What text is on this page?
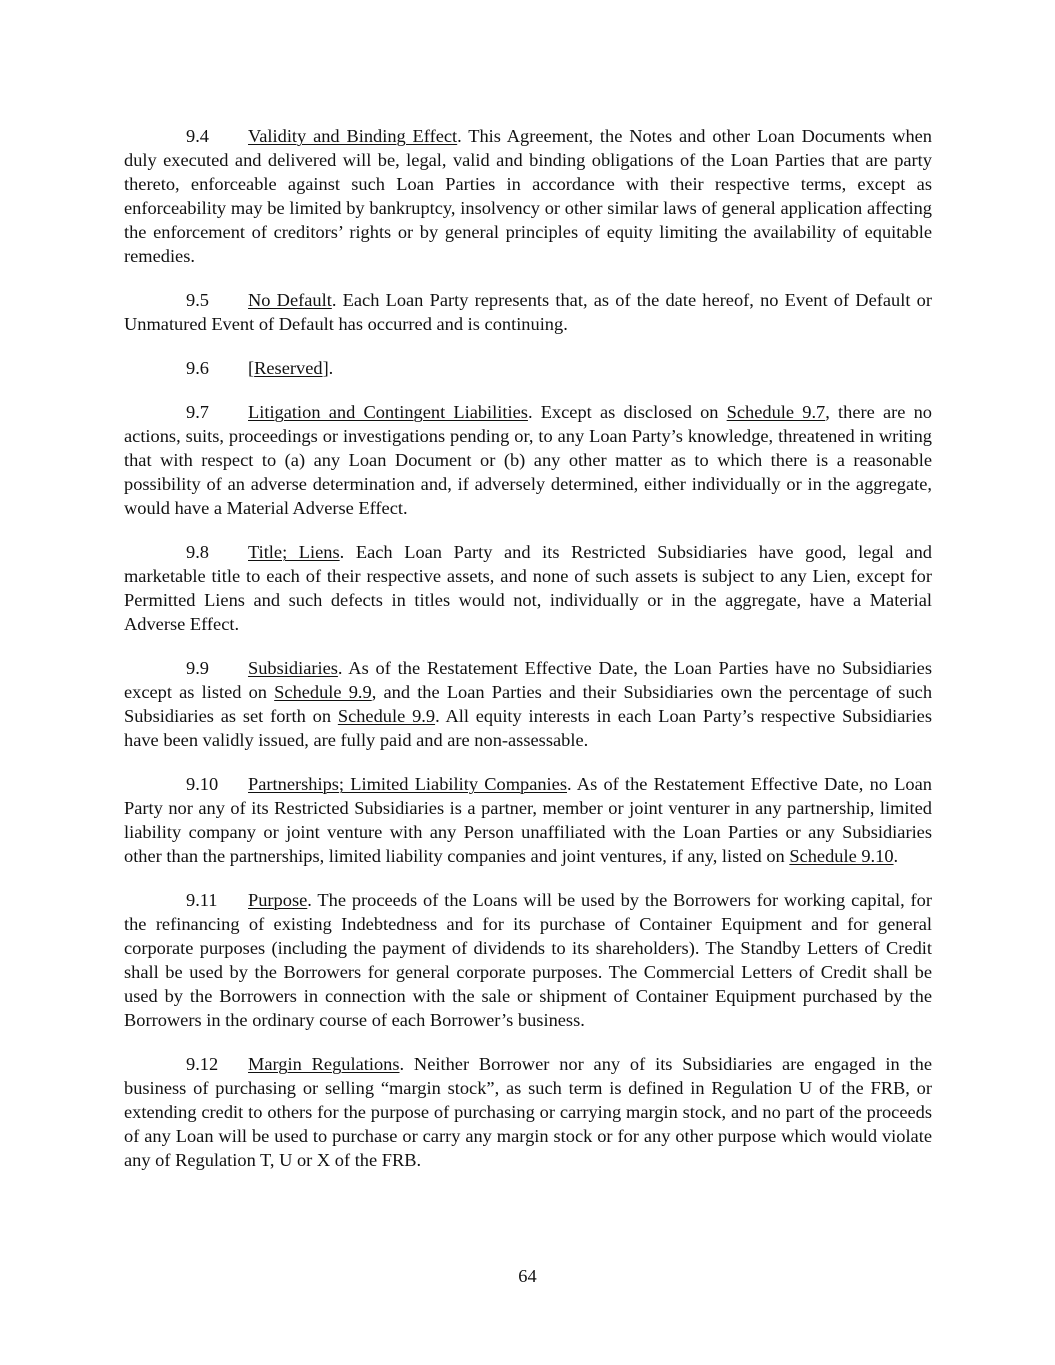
9.4 Validity and Binding Effect. This Agreement, the Notes and other Loan Documents when duly executed and delivered will be, legal, valid and binding obligations of the Loan Parties that are party thereto, enforceable against such Loan Parties in accordance with their respective terms, except as enforceability may be limited by bankruptcy, insolvency or other similar laws of general application affecting the enforcement of creditors’ rights or by general principles of equity limiting the availability of equitable remedies.

9.5 No Default. Each Loan Party represents that, as of the date hereof, no Event of Default or Unmatured Event of Default has occurred and is continuing.

9.6 [Reserved].

9.7 Litigation and Contingent Liabilities. Except as disclosed on Schedule 9.7, there are no actions, suits, proceedings or investigations pending or, to any Loan Party’s knowledge, threatened in writing that with respect to (a) any Loan Document or (b) any other matter as to which there is a reasonable possibility of an adverse determination and, if adversely determined, either individually or in the aggregate, would have a Material Adverse Effect.

9.8 Title; Liens. Each Loan Party and its Restricted Subsidiaries have good, legal and marketable title to each of their respective assets, and none of such assets is subject to any Lien, except for Permitted Liens and such defects in titles would not, individually or in the aggregate, have a Material Adverse Effect.

9.9 Subsidiaries. As of the Restatement Effective Date, the Loan Parties have no Subsidiaries except as listed on Schedule 9.9, and the Loan Parties and their Subsidiaries own the percentage of such Subsidiaries as set forth on Schedule 9.9. All equity interests in each Loan Party’s respective Subsidiaries have been validly issued, are fully paid and are non-assessable.

9.10 Partnerships; Limited Liability Companies. As of the Restatement Effective Date, no Loan Party nor any of its Restricted Subsidiaries is a partner, member or joint venturer in any partnership, limited liability company or joint venture with any Person unaffiliated with the Loan Parties or any Subsidiaries other than the partnerships, limited liability companies and joint ventures, if any, listed on Schedule 9.10.

9.11 Purpose. The proceeds of the Loans will be used by the Borrowers for working capital, for the refinancing of existing Indebtedness and for its purchase of Container Equipment and for general corporate purposes (including the payment of dividends to its shareholders). The Standby Letters of Credit shall be used by the Borrowers for general corporate purposes. The Commercial Letters of Credit shall be used by the Borrowers in connection with the sale or shipment of Container Equipment purchased by the Borrowers in the ordinary course of each Borrower’s business.

9.12 Margin Regulations. Neither Borrower nor any of its Subsidiaries are engaged in the business of purchasing or selling “margin stock”, as such term is defined in Regulation U of the FRB, or extending credit to others for the purpose of purchasing or carrying margin stock, and no part of the proceeds of any Loan will be used to purchase or carry any margin stock or for any other purpose which would violate any of Regulation T, U or X of the FRB.

64
